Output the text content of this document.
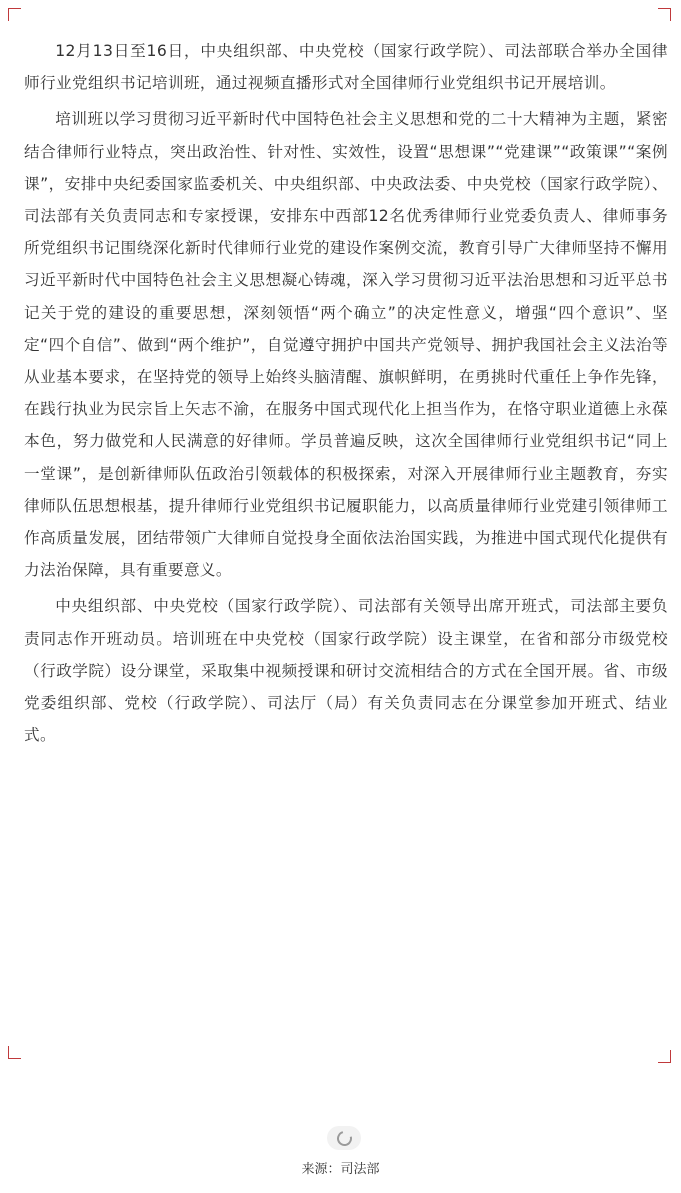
12月13日至16日，中央组织部、中央党校（国家行政学院）、司法部联合举办全国律师行业党组织书记培训班，通过视频直播形式对全国律师行业党组织书记开展培训。

培训班以学习贯彻习近平新时代中国特色社会主义思想和党的二十大精神为主题，紧密结合律师行业特点，突出政治性、针对性、实效性，设置“思想课”“党建课”“政策课”“案例课”，安排中央纪委国家监委机关、中央组织部、中央政法委、中央党校（国家行政学院）、司法部有关负责同志和专家授课，安排东中西部12名优秀律师行业党委负责人、律师事务所党组织书记围绕深化新时代律师行业党的建设作案例交流，教育引导广大律师坚持不懈用习近平新时代中国特色社会主义思想凝心铸魂，深入学习贯彻习近平法治思想和习近平总书记关于党的建设的重要思想，深刻领悟“两个确立”的决定性意义，增强“四个意识”、坚定“四个自信”、做到“两个维护”，自觉遵守拥护中国共产党领导、拥护我国社会主义法治等从业基本要求，在坚持党的领导上始终头脑清醒、旗帜鲜明，在勇挑时代重任上争作先锋，在践行执业为民宗旨上矢志不渝，在服务中国式现代化上担当作为，在恪守职业道德上永葆本色，努力做党和人民满意的好律师。学员普遍反映，这次全国律师行业党组织书记“同上一堂课”，是创新律师队伍政治引领载体的积极探索，对深入开展律师行业主题教育，夯实律师队伍思想根基，提升律师行业党组织书记履职能力，以高质量律师行业党建引领律师工作高质量发展，团结带领广大律师自觉投身全面依法治国实践，为推进中国式现代化提供有力法治保障，具有重要意义。

中央组织部、中央党校（国家行政学院）、司法部有关领导出席开班式，司法部主要负责同志作开班动员。培训班在中央党校（国家行政学院）设主课堂，在省和部分市级党校（行政学院）设分课堂，采取集中视频授课和研讨交流相结合的方式在全国开展。省、市级党委组织部、党校（行政学院）、司法厅（局）有关负责同志在分课堂参加开班式、结业式。

来源：司法部
